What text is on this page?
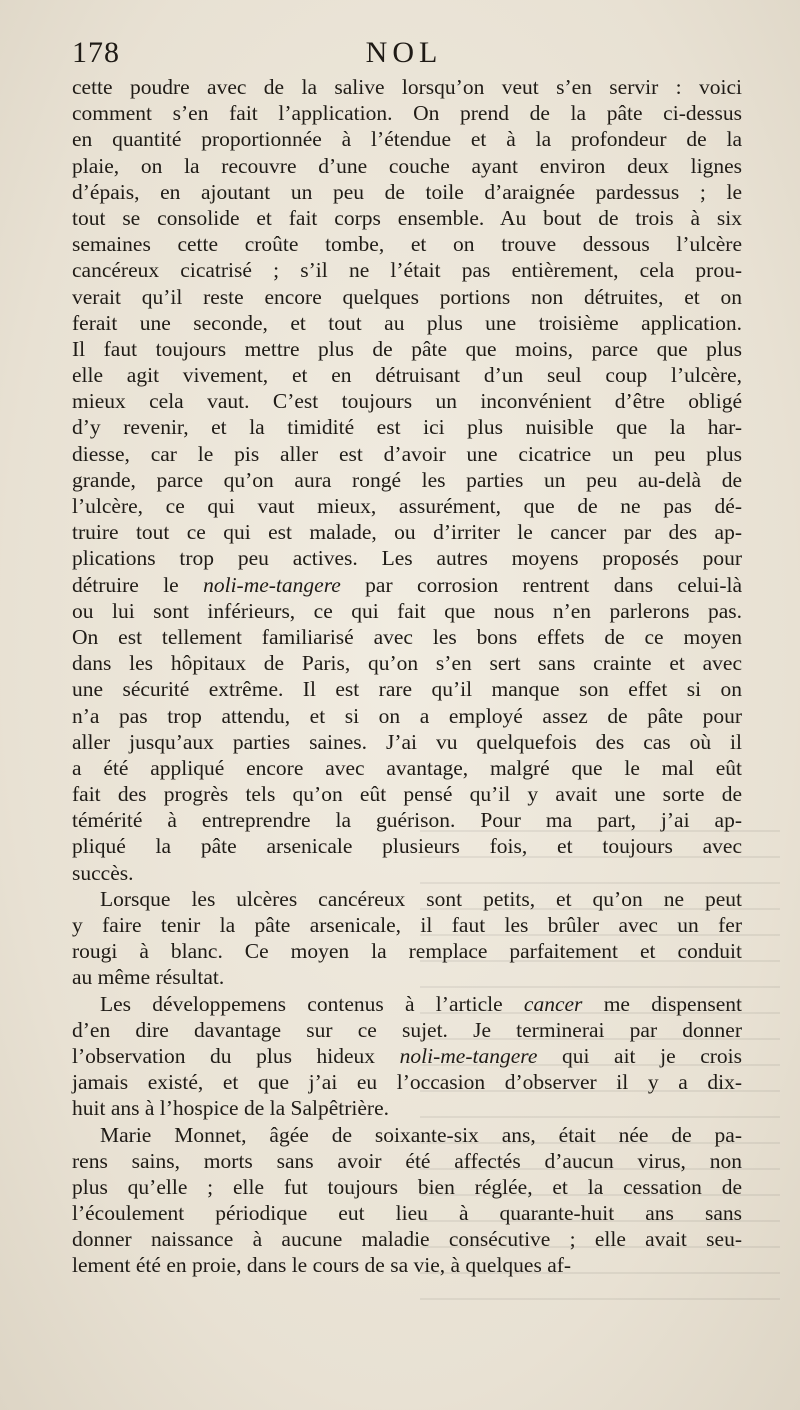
178	NOL
cette poudre avec de la salive lorsqu’on veut s’en servir : voici
comment s’en fait l’application. On prend de la pâte ci-dessus
en quantité proportionnée à l’étendue et à la profondeur de la
plaie, on la recouvre d’une couche ayant environ deux lignes
d’épais, en ajoutant un peu de toile d’araignée pardessus ; le
tout se consolide et fait corps ensemble. Au bout de trois à six
semaines cette croûte tombe, et on trouve dessous l’ulcère
cancéreux cicatrisé ; s’il ne l’était pas entièrement, cela prou-
verait qu’il reste encore quelques portions non détruites, et on
ferait une seconde, et tout au plus une troisième application.
Il faut toujours mettre plus de pâte que moins, parce que plus
elle agit vivement, et en détruisant d’un seul coup l’ulcère,
mieux cela vaut. C’est toujours un inconvénient d’être obligé
d’y revenir, et la timidité est ici plus nuisible que la har-
diesse, car le pis aller est d’avoir une cicatrice un peu plus
grande, parce qu’on aura rongé les parties un peu au-delà de
l’ulcère, ce qui vaut mieux, assurément, que de ne pas dé-
truire tout ce qui est malade, ou d’irriter le cancer par des ap-
plications trop peu actives. Les autres moyens proposés pour
détruire le noli-me-tangere par corrosion rentrent dans celui-là
ou lui sont inférieurs, ce qui fait que nous n’en parlerons pas.
On est tellement familiarisé avec les bons effets de ce moyen
dans les hôpitaux de Paris, qu’on s’en sert sans crainte et avec
une sécurité extrême. Il est rare qu’il manque son effet si on
n’a pas trop attendu, et si on a employé assez de pâte pour
aller jusqu’aux parties saines. J’ai vu quelquefois des cas où il
a été appliqué encore avec avantage, malgré que le mal eût
fait des progrès tels qu’on eût pensé qu’il y avait une sorte de
témérité à entreprendre la guérison. Pour ma part, j’ai ap-
pliqué la pâte arsenicale plusieurs fois, et toujours avec
succès.
Lorsque les ulcères cancéreux sont petits, et qu’on ne peut
y faire tenir la pâte arsenicale, il faut les brûler avec un fer
rougi à blanc. Ce moyen la remplace parfaitement et conduit
au même résultat.
Les développemens contenus à l’article cancer me dispensent
d’en dire davantage sur ce sujet. Je terminerai par donner
l’observation du plus hideux noli-me-tangere qui ait je crois
jamais existé, et que j’ai eu l’occasion d’observer il y a dix-
huit ans à l’hospice de la Salpêtrière.
Marie Monnet, âgée de soixante-six ans, était née de pa-
rens sains, morts sans avoir été affectés d’aucun virus, non
plus qu’elle ; elle fut toujours bien réglée, et la cessation de
l’écoulement périodique eut lieu à quarante-huit ans sans
donner naissance à aucune maladie consécutive ; elle avait seu-
lement été en proie, dans le cours de sa vie, à quelques af-
